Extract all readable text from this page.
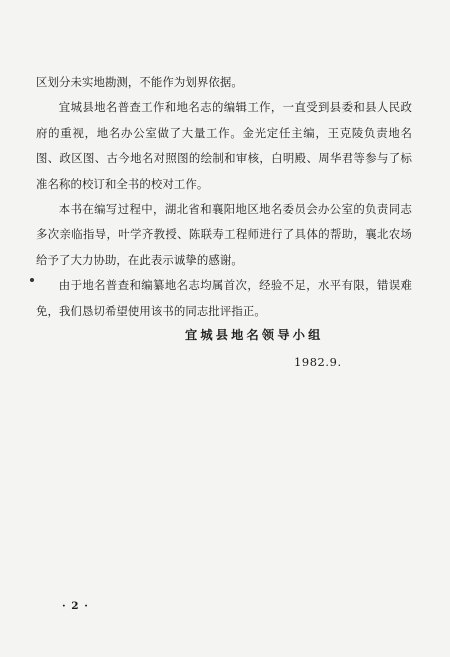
区划分未实地勘测，不能作为划界依据。

宜城县地名普查工作和地名志的编辑工作，一直受到县委和县人民政府的重视，地名办公室做了大量工作。金光定任主编，王克陵负责地名图、政区图、古今地名对照图的绘制和审核，白明殿、周华君等参与了标准名称的校订和全书的校对工作。

本书在编写过程中，湖北省和襄阳地区地名委员会办公室的负责同志多次亲临指导，叶学齐教授、陈联寿工程师进行了具体的帮助，襄北农场给予了大力协助，在此表示诚挚的感谢。

由于地名普查和编纂地名志均属首次，经验不足，水平有限，错误难免，我们恳切希望使用该书的同志批评指正。

宜城县地名领导小组
1982.9.
· 2 ·
